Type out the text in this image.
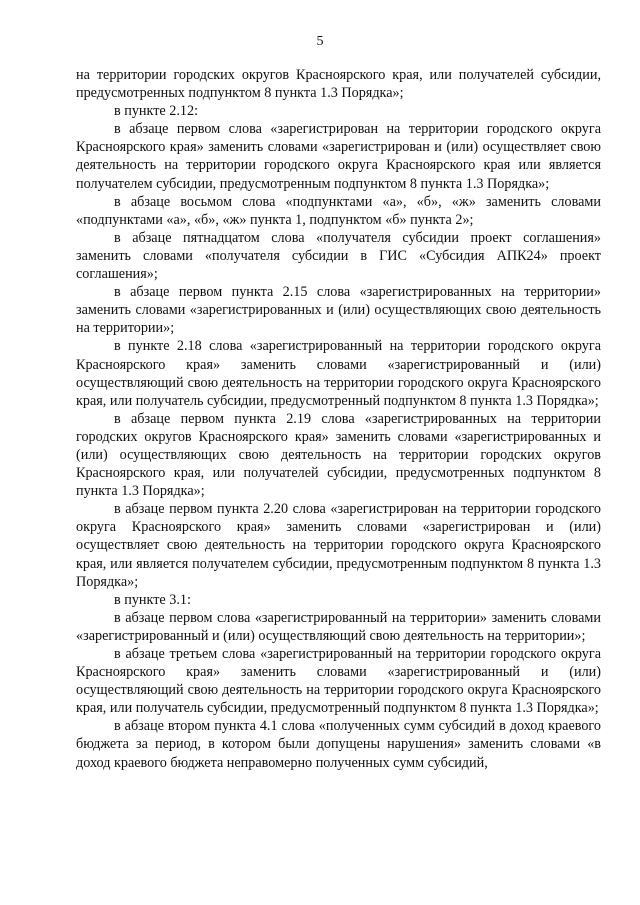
5

на территории городских округов Красноярского края, или получателей субсидии, предусмотренных подпунктом 8 пункта 1.3 Порядка»;

в пункте 2.12:

в абзаце первом слова «зарегистрирован на территории городского округа Красноярского края» заменить словами «зарегистрирован и (или) осуществляет свою деятельность на территории городского округа Красноярского края или является получателем субсидии, предусмотренным подпунктом 8 пункта 1.3 Порядка»;

в абзаце восьмом слова «подпунктами «а», «б», «ж» заменить словами «подпунктами «а», «б», «ж» пункта 1, подпунктом «б» пункта 2»;

в абзаце пятнадцатом слова «получателя субсидии проект соглашения» заменить словами «получателя субсидии в ГИС «Субсидия АПК24» проект соглашения»;

в абзаце первом пункта 2.15 слова «зарегистрированных на территории» заменить словами «зарегистрированных и (или) осуществляющих свою деятельность на территории»;

в пункте 2.18 слова «зарегистрированный на территории городского округа Красноярского края» заменить словами «зарегистрированный и (или) осуществляющий свою деятельность на территории городского округа Красноярского края, или получатель субсидии, предусмотренный подпунктом 8 пункта 1.3 Порядка»;

в абзаце первом пункта 2.19 слова «зарегистрированных на территории городских округов Красноярского края» заменить словами «зарегистрированных и (или) осуществляющих свою деятельность на территории городских округов Красноярского края, или получателей субсидии, предусмотренных подпунктом 8 пункта 1.3 Порядка»;

в абзаце первом пункта 2.20 слова «зарегистрирован на территории городского округа Красноярского края» заменить словами «зарегистрирован и (или) осуществляет свою деятельность на территории городского округа Красноярского края, или является получателем субсидии, предусмотренным подпунктом 8 пункта 1.3 Порядка»;

в пункте 3.1:

в абзаце первом слова «зарегистрированный на территории» заменить словами «зарегистрированный и (или) осуществляющий свою деятельность на территории»;

в абзаце третьем слова «зарегистрированный на территории городского округа Красноярского края» заменить словами «зарегистрированный и (или) осуществляющий свою деятельность на территории городского округа Красноярского края, или получатель субсидии, предусмотренный подпунктом 8 пункта 1.3 Порядка»;

в абзаце втором пункта 4.1 слова «полученных сумм субсидий в доход краевого бюджета за период, в котором были допущены нарушения» заменить словами «в доход краевого бюджета неправомерно полученных сумм субсидий,
